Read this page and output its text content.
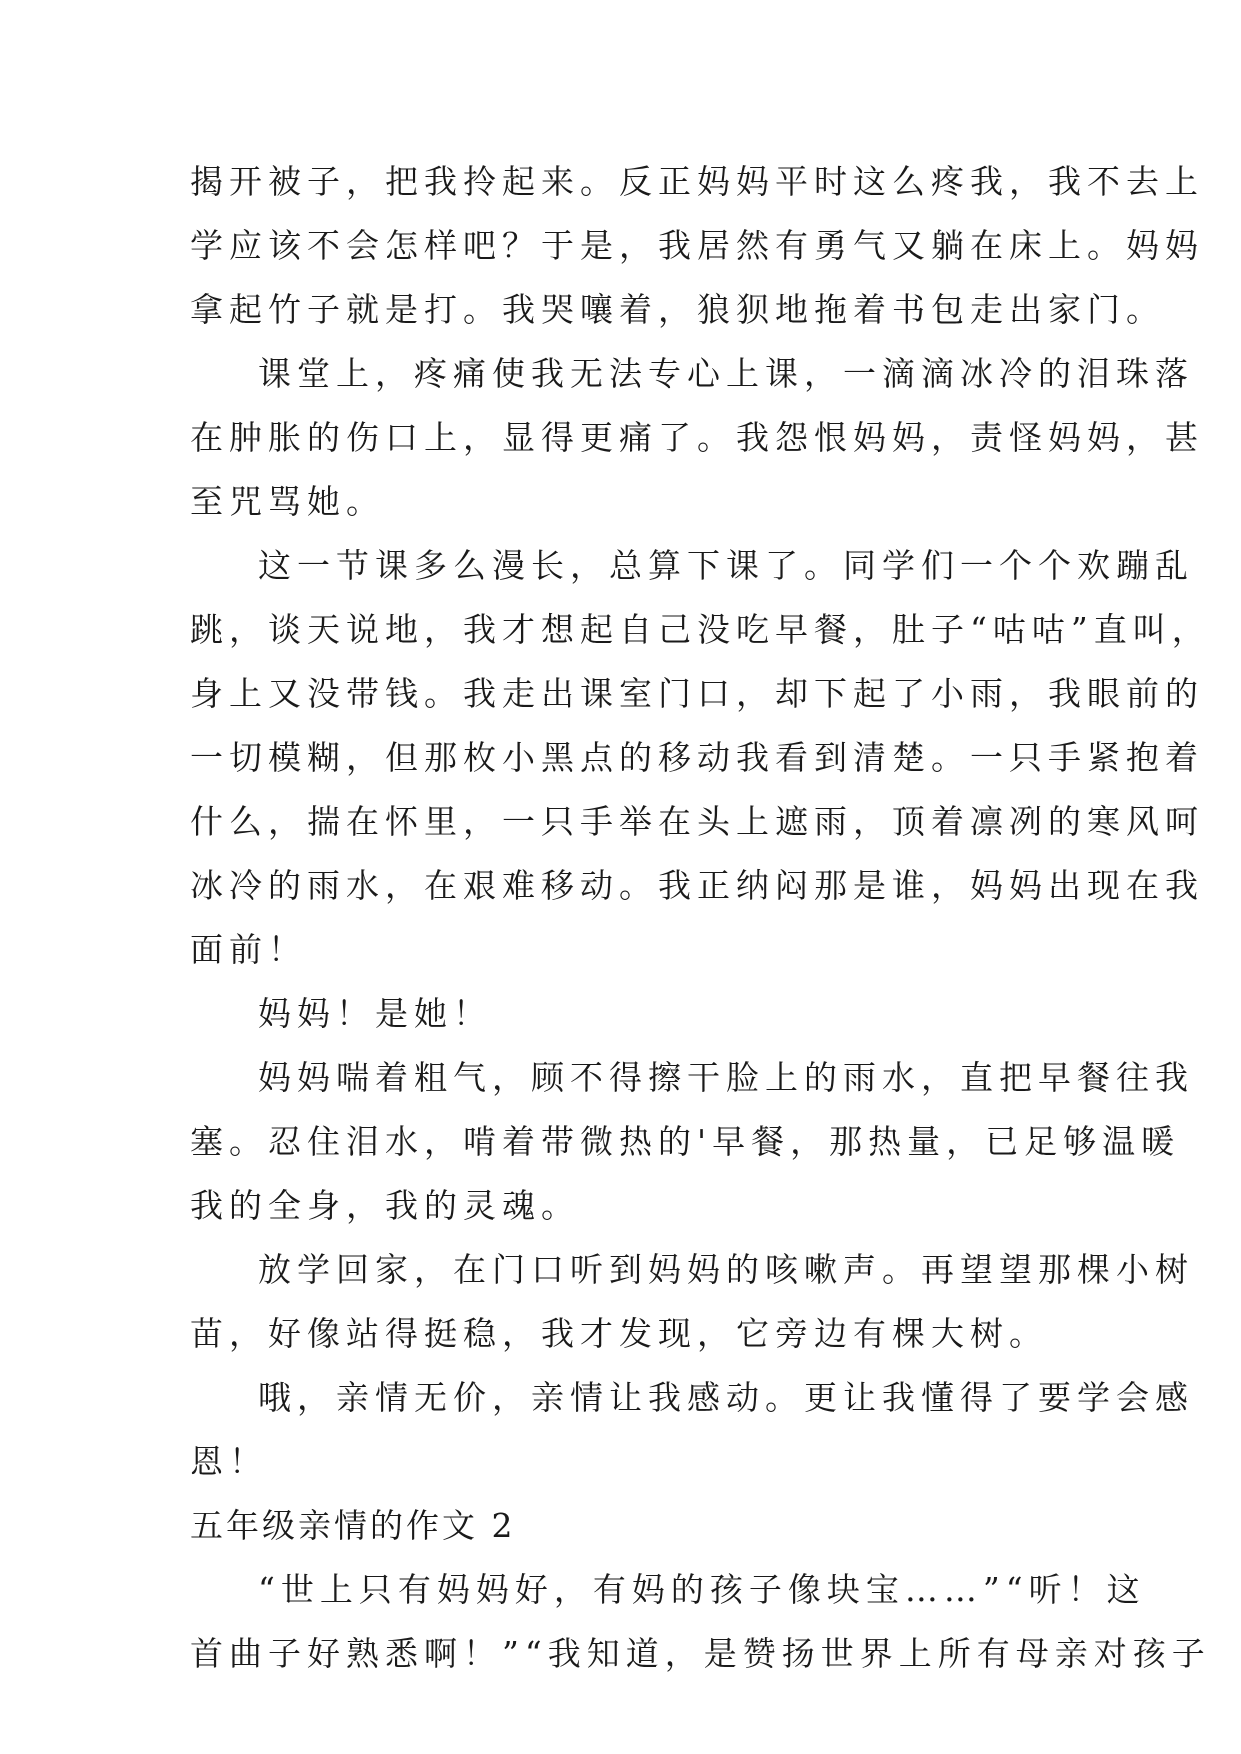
揭开被子，把我拎起来。反正妈妈平时这么疼我，我不去上
学应该不会怎样吧？于是，我居然有勇气又躺在床上。妈妈
拿起竹子就是打。我哭嚷着，狼狈地拖着书包走出家门。
课堂上，疼痛使我无法专心上课，一滴滴冰冷的泪珠落
在肿胀的伤口上，显得更痛了。我怨恨妈妈，责怪妈妈，甚
至咒骂她。
这一节课多么漫长，总算下课了。同学们一个个欢蹦乱
跳，谈天说地，我才想起自己没吃早餐，肚子“咕咕”直叫，
身上又没带钱。我走出课室门口，却下起了小雨，我眼前的
一切模糊，但那枚小黑点的移动我看到清楚。一只手紧抱着
什么，揣在怀里，一只手举在头上遮雨，顶着凛冽的寒风呵
冰冷的雨水，在艰难移动。我正纳闷那是谁，妈妈出现在我
面前！
妈妈！是她！
妈妈喘着粗气，顾不得擦干脸上的雨水，直把早餐往我
塞。忍住泪水，啃着带微热的'早餐，那热量，已足够温暖
我的全身，我的灵魂。
放学回家，在门口听到妈妈的咳嗽声。再望望那棵小树
苗，好像站得挺稳，我才发现，它旁边有棵大树。
哦，亲情无价，亲情让我感动。更让我懂得了要学会感
恩！
五年级亲情的作文 2
“世上只有妈妈好，有妈的孩子像块宝……”“听！这
首曲子好熟悉啊！”“我知道，是赞扬世界上所有母亲对孩子
